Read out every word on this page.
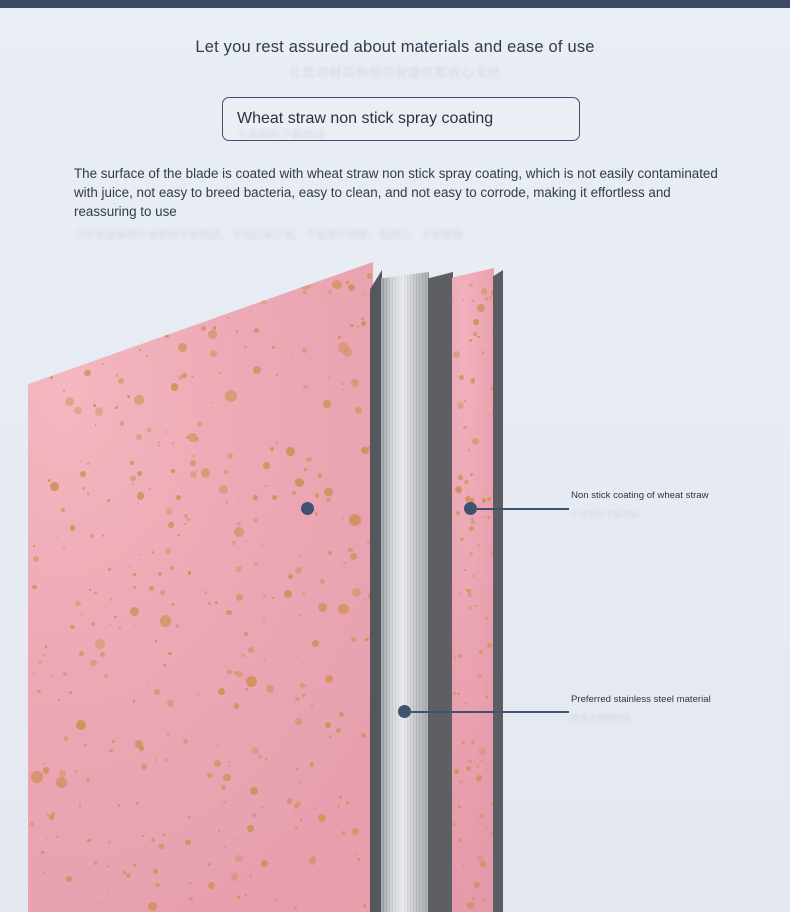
Let you rest assured about materials and ease of use
让您对材质和使用便捷性都放心无忧
Wheat straw non stick spray coating
小麦秸秆不粘喷涂
The surface of the blade is coated with wheat straw non stick spray coating, which is not easily contaminated with juice, not easy to breed bacteria, easy to clean, and not easy to corrode, making it effortless and reassuring to use
刀片表面采用小麦秸秆不粘喷涂，不易沾染汁液，不易滋生细菌，易清洁，不易腐蚀
Non stick coating of wheat straw
小麦秸秆不粘涂层
Preferred stainless steel material
优选不锈钢材质
